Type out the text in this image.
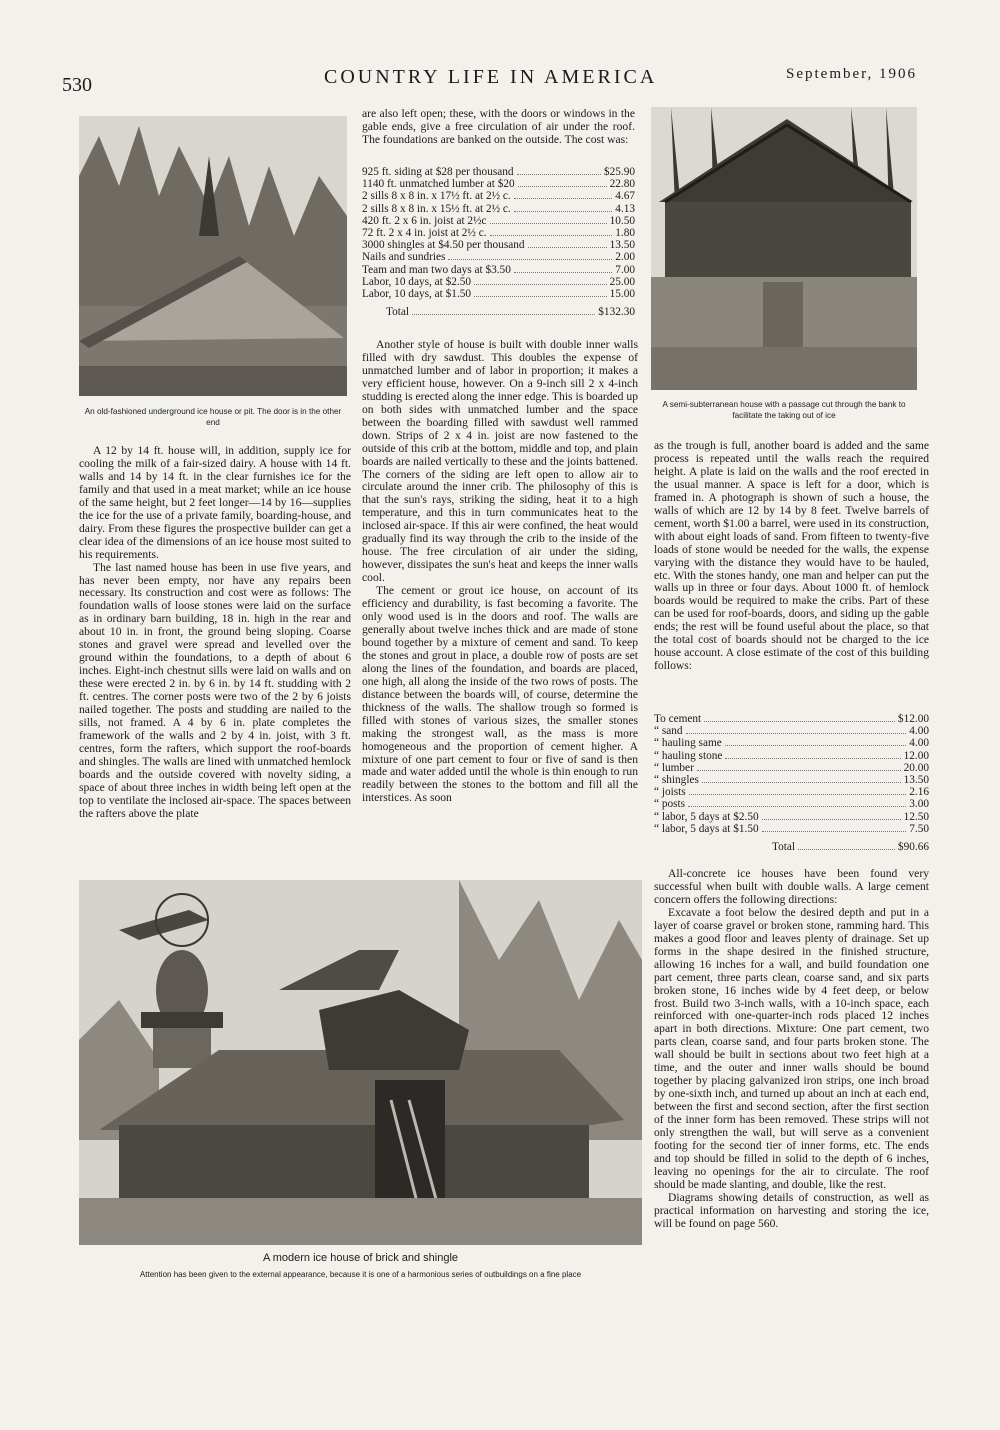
530	COUNTRY LIFE IN AMERICA	September, 1906
An old-fashioned underground ice house or pit. The door is in the other end
A semi-subterranean house with a passage cut through the bank to facilitate the taking out of ice

A 12 by 14 ft. house will, in addition, supply ice for cooling the milk of a fair-sized dairy. A house with 14 ft. walls and 14 by 14 ft. in the clear furnishes ice for the family and that used in a meat market; while an ice house of the same height, but 2 feet longer—14 by 16—supplies the ice for the use of a private family, boarding-house, and dairy. From these figures the prospective builder can get a clear idea of the dimensions of an ice house most suited to his requirements.

The last named house has been in use five years, and has never been empty, nor have any repairs been necessary. Its construction and cost were as follows: The foundation walls of loose stones were laid on the surface as in ordinary barn building, 18 in. high in the rear and about 10 in. in front, the ground being sloping. Coarse stones and gravel were spread and levelled over the ground within the foundations, to a depth of about 6 inches. Eight-inch chestnut sills were laid on walls and on these were erected 2 in. by 6 in. by 14 ft. studding with 2 ft. centres. The corner posts were two of the 2 by 6 joists nailed together. The posts and studding are nailed to the sills, not framed. A 4 by 6 in. plate completes the framework of the walls and 2 by 4 in. joist, with 3 ft. centres, form the rafters, which support the roof-boards and shingles. The walls are lined with unmatched hemlock boards and the outside covered with novelty siding, a space of about three inches in width being left open at the top to ventilate the inclosed air-space. The spaces between the rafters above the plate

are also left open; these, with the doors or windows in the gable ends, give a free circulation of air under the roof. The foundations are banked on the outside. The cost was:
925 ft. siding at $28 per thousand	$25.90
1140 ft. unmatched lumber at $20	22.80
2 sills 8 x 8 in. x 17½ ft. at 2½ c.	4.67
2 sills 8 x 8 in. x 15½ ft. at 2½ c.	4.13
420 ft. 2 x 6 in. joist at 2½c	10.50
72 ft. 2 x 4 in. joist at 2½ c.	1.80
3000 shingles at $4.50 per thousand	13.50
Nails and sundries	2.00
Team and man two days at $3.50	7.00
Labor, 10 days, at $2.50	25.00
Labor, 10 days, at $1.50	15.00
Total	$132.30

Another style of house is built with double inner walls filled with dry sawdust. This doubles the expense of unmatched lumber and of labor in proportion; it makes a very efficient house, however. On a 9-inch sill 2 x 4-inch studding is erected along the inner edge. This is boarded up on both sides with unmatched lumber and the space between the boarding filled with sawdust well rammed down. Strips of 2 x 4 in. joist are now fastened to the outside of this crib at the bottom, middle and top, and plain boards are nailed vertically to these and the joints battened. The corners of the siding are left open to allow air to circulate around the inner crib. The philosophy of this is that the sun's rays, striking the siding, heat it to a high temperature, and this in turn communicates heat to the inclosed air-space. If this air were confined, the heat would gradually find its way through the crib to the inside of the house. The free circulation of air under the siding, however, dissipates the sun's heat and keeps the inner walls cool.

The cement or grout ice house, on account of its efficiency and durability, is fast becoming a favorite. The only wood used is in the doors and roof. The walls are generally about twelve inches thick and are made of stone bound together by a mixture of cement and sand. To keep the stones and grout in place, a double row of posts are set along the lines of the foundation, and boards are placed, one high, all along the inside of the two rows of posts. The distance between the boards will, of course, determine the thickness of the walls. The shallow trough so formed is filled with stones of various sizes, the smaller stones making the strongest wall, as the mass is more homogeneous and the proportion of cement higher. A mixture of one part cement to four or five of sand is then made and water added until the whole is thin enough to run readily between the stones to the bottom and fill all the interstices. As soon

as the trough is full, another board is added and the same process is repeated until the walls reach the required height. A plate is laid on the walls and the roof erected in the usual manner. A space is left for a door, which is framed in. A photograph is shown of such a house, the walls of which are 12 by 14 by 8 feet. Twelve barrels of cement, worth $1.00 a barrel, were used in its construction, with about eight loads of sand. From fifteen to twenty-five loads of stone would be needed for the walls, the expense varying with the distance they would have to be hauled, etc. With the stones handy, one man and helper can put the walls up in three or four days. About 1000 ft. of hemlock boards would be required to make the cribs. Part of these can be used for roof-boards, doors, and siding up the gable ends; the rest will be found useful about the place, so that the total cost of boards should not be charged to the ice house account. A close estimate of the cost of this building follows:
To cement	$12.00
“ sand	4.00
“ hauling same	4.00
“ hauling stone	12.00
“ lumber	20.00
“ shingles	13.50
“ joists	2.16
“ posts	3.00
“ labor, 5 days at $2.50	12.50
“ labor, 5 days at $1.50	7.50
Total	$90.66

All-concrete ice houses have been found very successful when built with double walls. A large cement concern offers the following directions:

Excavate a foot below the desired depth and put in a layer of coarse gravel or broken stone, ramming hard. This makes a good floor and leaves plenty of drainage. Set up forms in the shape desired in the finished structure, allowing 16 inches for a wall, and build foundation one part cement, three parts clean, coarse sand, and six parts broken stone, 16 inches wide by 4 feet deep, or below frost. Build two 3-inch walls, with a 10-inch space, each reinforced with one-quarter-inch rods placed 12 inches apart in both directions. Mixture: One part cement, two parts clean, coarse sand, and four parts broken stone. The wall should be built in sections about two feet high at a time, and the outer and inner walls should be bound together by placing galvanized iron strips, one inch broad by one-sixth inch, and turned up about an inch at each end, between the first and second section, after the first section of the inner form has been removed. These strips will not only strengthen the wall, but will serve as a convenient footing for the second tier of inner forms, etc. The ends and top should be filled in solid to the depth of 6 inches, leaving no openings for the air to circulate. The roof should be made slanting, and double, like the rest.

Diagrams showing details of construction, as well as practical information on harvesting and storing the ice, will be found on page 560.

A modern ice house of brick and shingle
Attention has been given to the external appearance, because it is one of a harmonious series of outbuildings on a fine place
